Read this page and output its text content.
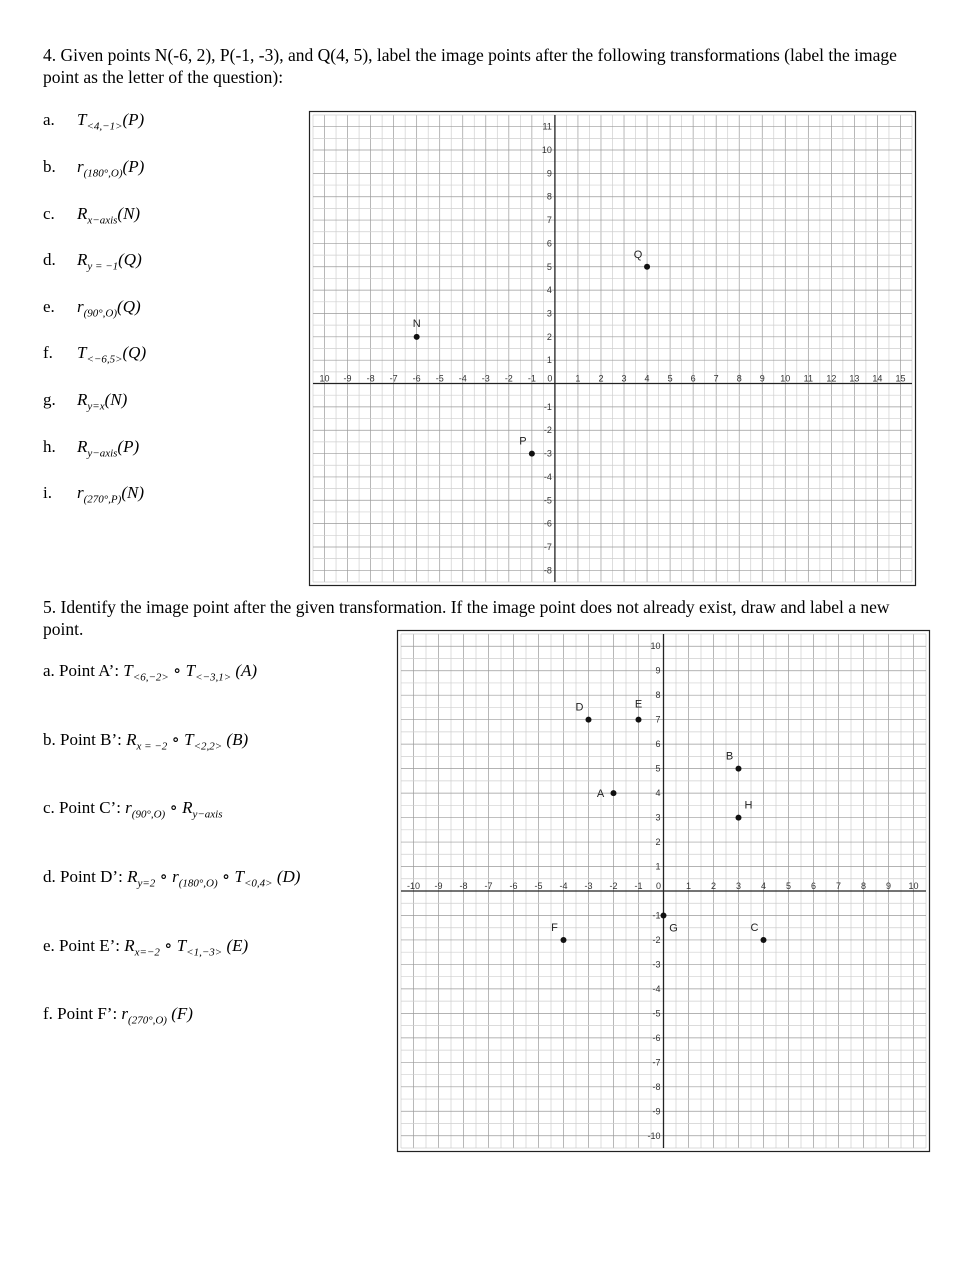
4. Given points N(-6, 2), P(-1, -3), and Q(4, 5), label the image points after the following transformations (label the image point as the letter of the question):
a. $T_{<4,-1>}(P)$
b. $r_{(180^\circ,O)}(P)$
c. $R_{x-axis}(N)$
d. $R_{y = -1}(Q)$
e. $r_{(90^\circ,O)}(Q)$
f. $T_{<-6,5>}(Q)$
g. $R_{y=x}(N)$
h. $R_{y-axis}(P)$
i. $r_{(270^\circ,P)}(N)$
10 -9 -8 -7 -6 -5 -4 -3 -2 -1 0	1 2 3 4 5 6 7 8 9 10 11 12 13 14 15
11
10
9
8
7
6
5
4
3
2
1
-1
-2
-3
-4
-5
-6
-7
-8
N
P
Q
5. Identify the image point after the given transformation. If the image point does not already exist, draw and label a new point.
a. Point A’: $T_{<6,-2>}$ ∘ $T_{<-3,1>}$ (A)
b. Point B’: $R_{x = -2}$ ∘ $T_{<2,2>}$ (B)
c. Point C’: $r_{(90^\circ,O)}$ ∘ $R_{y-axis}$
d. Point D’: $R_{y=2}$ ∘ $r_{(180^\circ,O)}$ ∘ $T_{<0,4>}$ (D)
e. Point E’: $R_{x=-2}$ ∘ $T_{<1,-3>}$ (E)
f. Point F’: $r_{(270^\circ,O)}$ (F)
-10 -9 -8 -7 -6 -5 -4 -3 -2 -1 0	1 2 3 4 5 6 7 8 9 10
10
9
8
7
6
5
4
3
2
1
-1
-2
-3
-4
-5
-6
-7
-8
-9
-10
A
B
C
D	E
F	G
H
